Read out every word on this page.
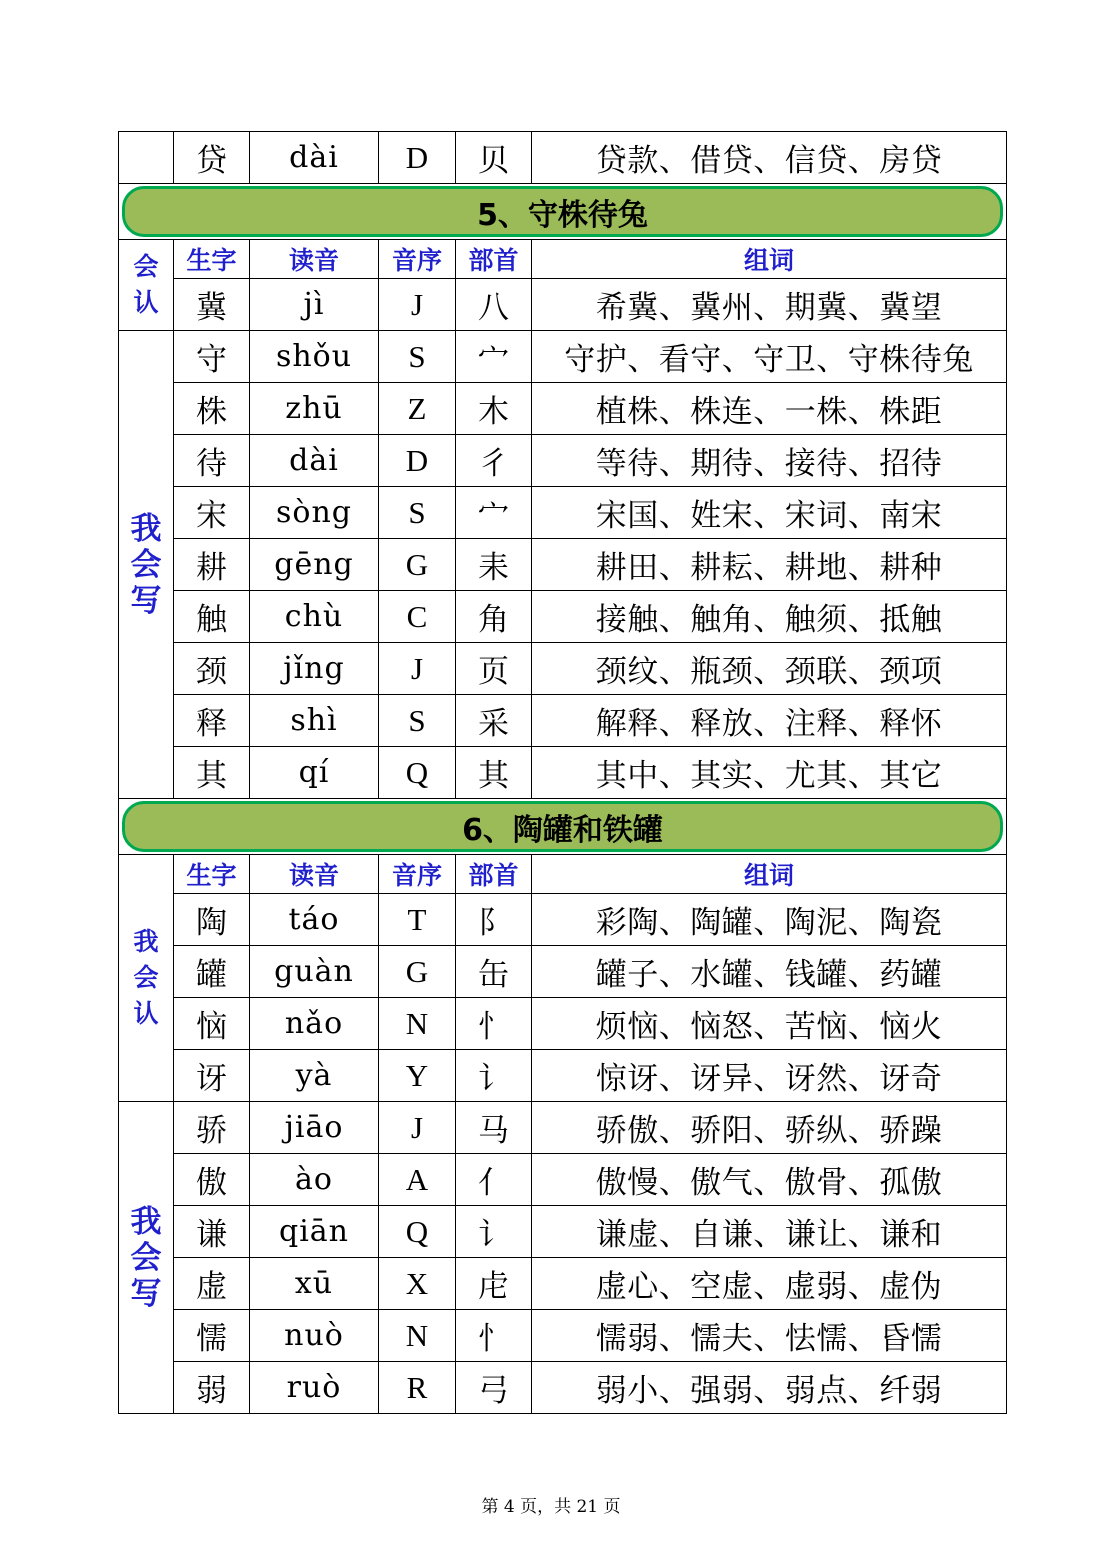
	贷	dài	D	贝	贷款、借贷、信贷、房贷

5、守株待兔					

会
认	生字	读音	音序	部首	组词
	冀	jì	J	八	希冀、冀州、期冀、冀望

我
会
写	守	shǒu	S	宀	守护、看守、守卫、守株待兔
	株	zhū	Z	木	植株、株连、一株、株距
	待	dài	D	彳	等待、期待、接待、招待
	宋	sòng	S	宀	宋国、姓宋、宋词、南宋
	耕	gēng	G	耒	耕田、耕耘、耕地、耕种
	触	chù	C	角	接触、触角、触须、抵触
	颈	jǐng	J	页	颈纹、瓶颈、颈联、颈项
	释	shì	S	采	解释、释放、注释、释怀
	其	qí	Q	其	其中、其实、尤其、其它

6、陶罐和铁罐					

我
会
认	生字	读音	音序	部首	组词
	陶	táo	T	阝	彩陶、陶罐、陶泥、陶瓷
	罐	guàn	G	缶	罐子、水罐、钱罐、药罐
	恼	nǎo	N	忄	烦恼、恼怒、苦恼、恼火
	讶	yà	Y	讠	惊讶、讶异、讶然、讶奇

我
会
写	骄	jiāo	J	马	骄傲、骄阳、骄纵、骄躁
	傲	ào	A	亻	傲慢、傲气、傲骨、孤傲
	谦	qiān	Q	讠	谦虚、自谦、谦让、谦和
	虚	xū	X	虍	虚心、空虚、虚弱、虚伪
	懦	nuò	N	忄	懦弱、懦夫、怯懦、昏懦
	弱	ruò	R	弓	弱小、强弱、弱点、纤弱
第 4 页，共 21 页
